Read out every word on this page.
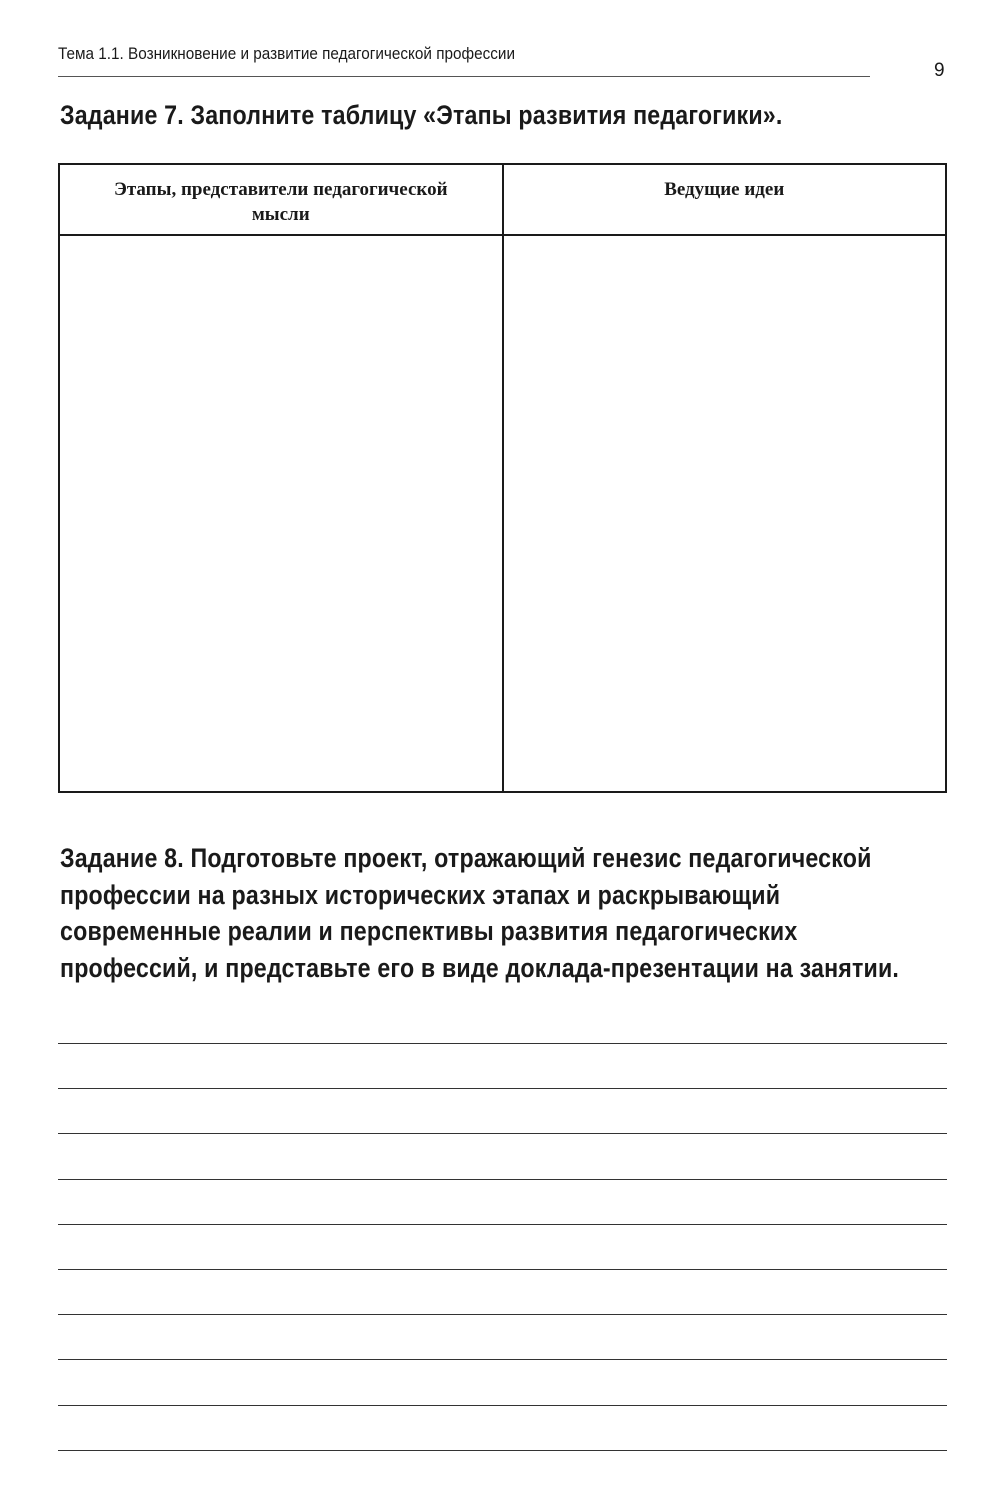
Тема 1.1. Возникновение и развитие педагогической профессии
9
Задание 7. Заполните таблицу «Этапы развития педагогики».
Этапы, представители педагогической мысли	Ведущие идеи

Задание 8. Подготовьте проект, отражающий генезис педагогической
профессии на разных исторических этапах и раскрывающий
современные реалии и перспективы развития педагогических
профессий, и представьте его в виде доклада-презентации на занятии.
